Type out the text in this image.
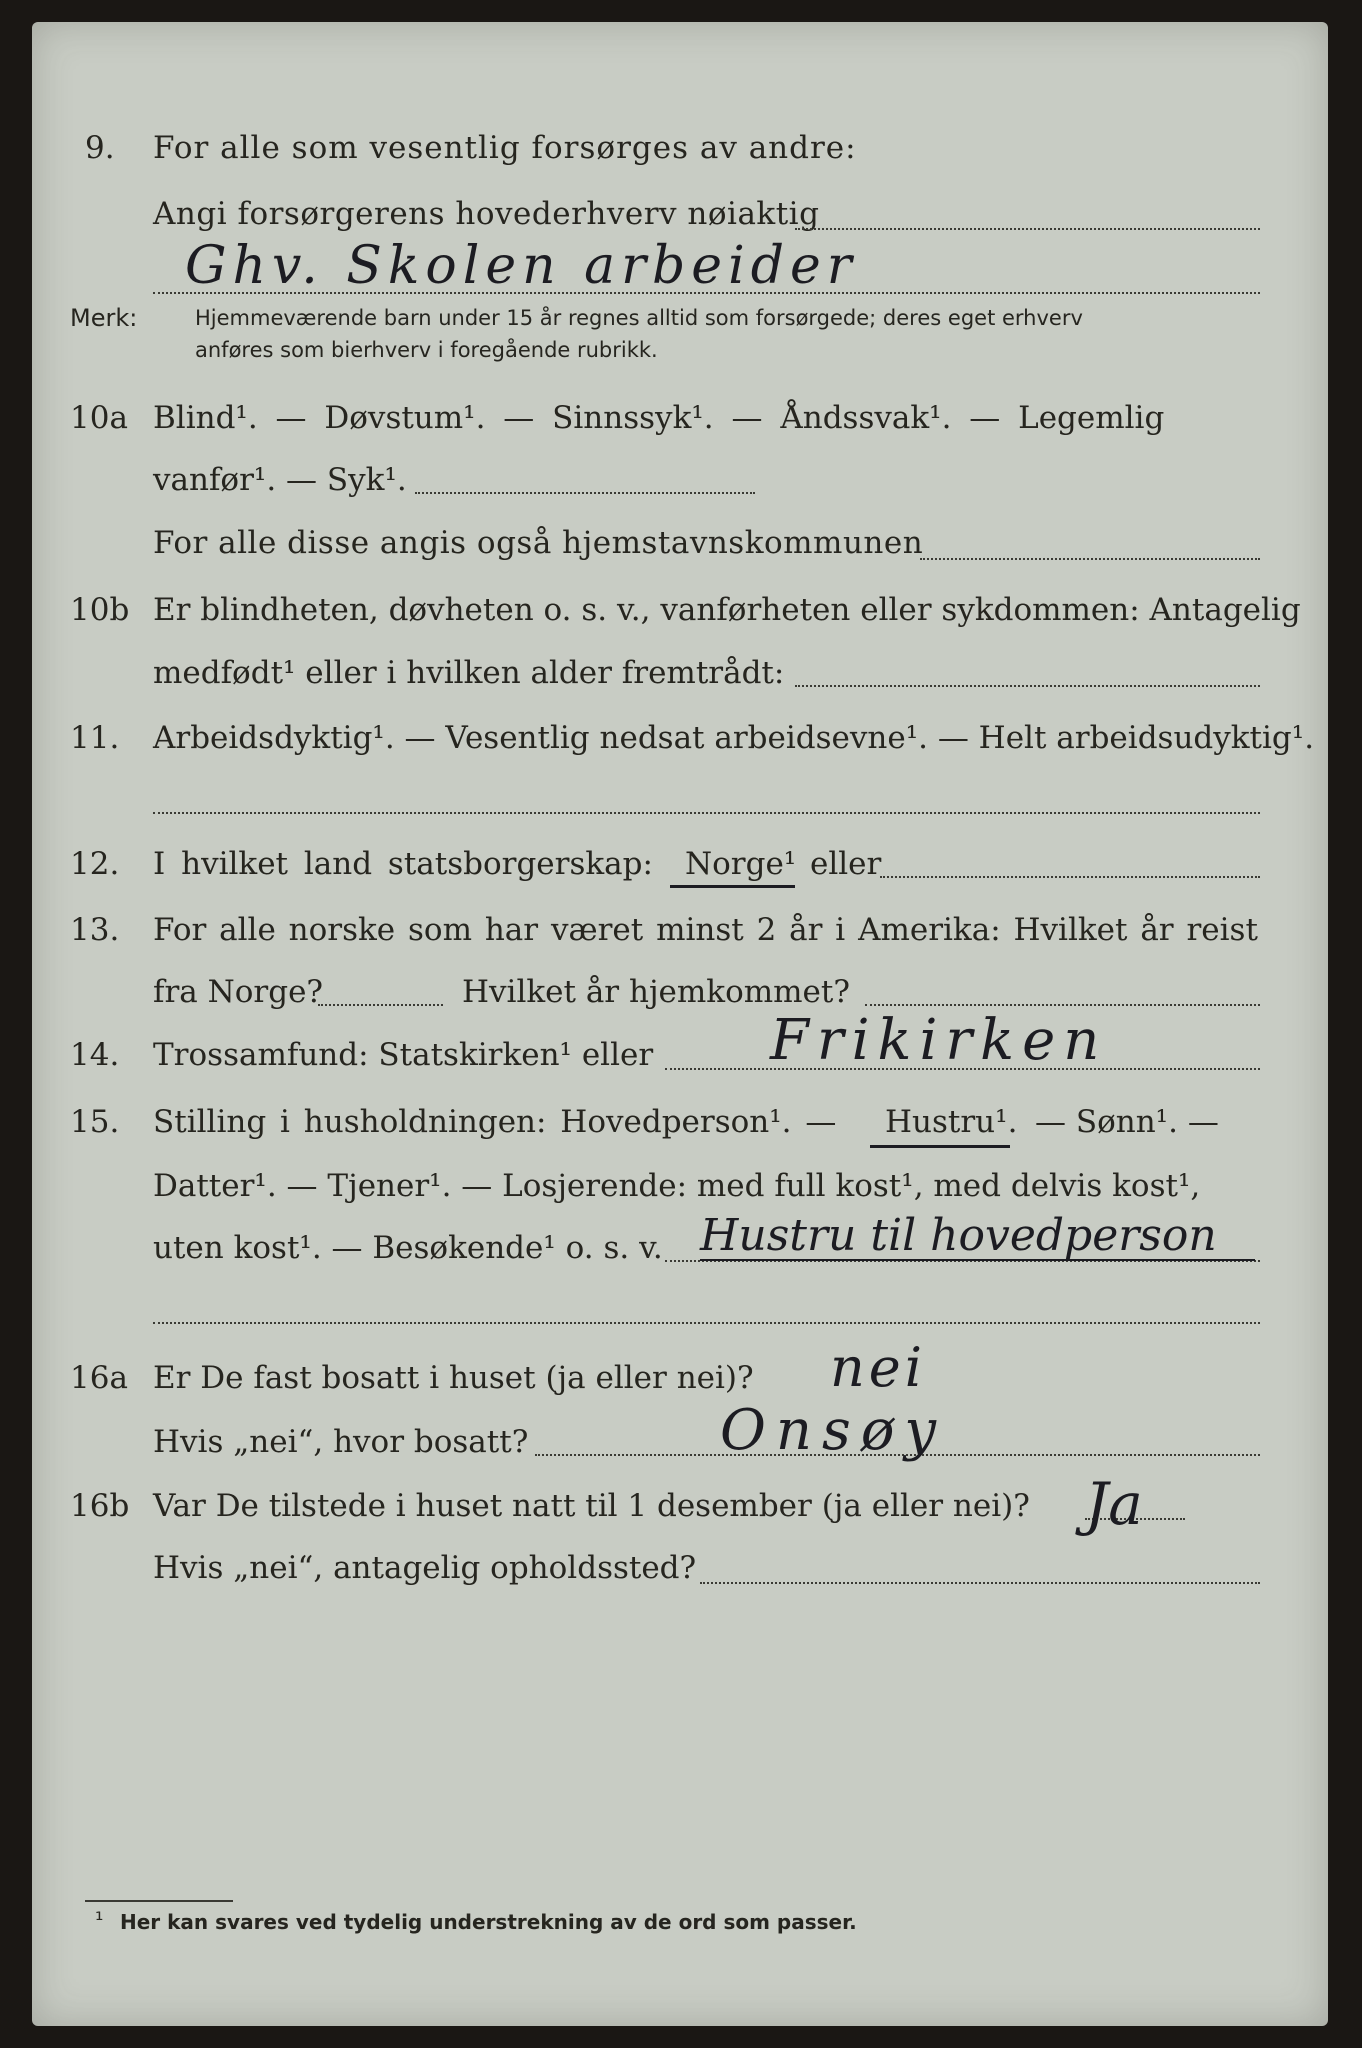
9. For alle som vesentlig forsørges av andre:
Angi forsørgerens hovederhverv nøiaktig
Ghv. Skolen arbeider
Merk:	Hjemmeværende barn under 15 år regnes alltid som forsørgede; deres eget erhverv
anføres som bierhverv i foregående rubrikk.
10a Blind¹. — Døvstum¹. — Sinnssyk¹. — Åndssvak¹. — Legemlig
vanfør¹. — Syk¹.
For alle disse angis også hjemstavnskommunen
10b Er blindheten, døvheten o. s. v., vanførheten eller sykdommen: Antagelig
medfødt¹ eller i hvilken alder fremtrådt:
11. Arbeidsdyktig¹. — Vesentlig nedsat arbeidsevne¹. — Helt arbeidsudyktig¹.
12. I hvilket land statsborgerskap: Norge¹ eller
13. For alle norske som har været minst 2 år i Amerika: Hvilket år reist
fra Norge?	Hvilket år hjemkommet?
14. Trossamfund: Statskirken¹ eller Frikirken
15. Stilling i husholdningen: Hovedperson¹. — Hustru¹. — Sønn¹. —
Datter¹. — Tjener¹. — Losjerende: med full kost¹, med delvis kost¹,
uten kost¹. — Besøkende¹ o. s. v. Hustru til hovedperson
16a Er De fast bosatt i huset (ja eller nei)? nei
Hvis „nei“, hvor bosatt?	Onsøy
16b Var De tilstede i huset natt til 1 desember (ja eller nei)? Ja
Hvis „nei“, antagelig opholdssted?
¹ Her kan svares ved tydelig understrekning av de ord som passer.
